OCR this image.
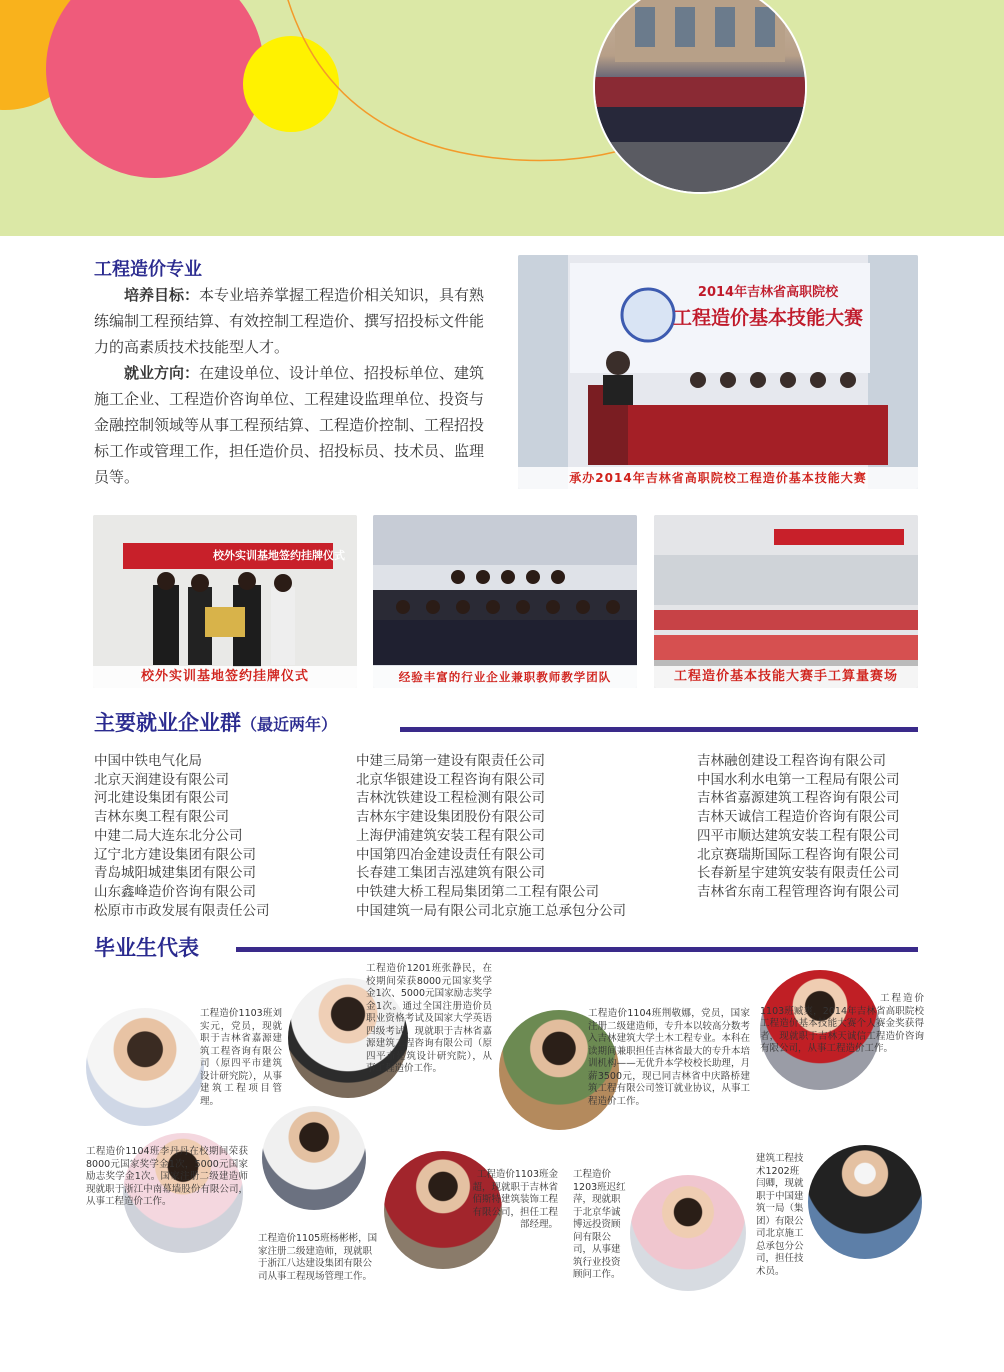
工程造价专业
培养目标：本专业培养掌握工程造价相关知识，具有熟练编制工程预结算、有效控制工程造价、撰写招投标文件能力的高素质技术技能型人才。
就业方向：在建设单位、设计单位、招投标单位、建筑施工企业、工程造价咨询单位、工程建设监理单位、投资与金融控制领域等从事工程预结算、工程造价控制、工程招投标工作或管理工作，担任造价员、招投标员、技术员、监理员等。
2014年吉林省高职院校
工程造价基本技能大赛
承办2014年吉林省高职院校工程造价基本技能大赛
校外实训基地签约挂牌仪式
校外实训基地签约挂牌仪式	经验丰富的行业企业兼职教师教学团队	工程造价基本技能大赛手工算量赛场
主要就业企业群（最近两年）
中国中铁电气化局
北京天润建设有限公司
河北建设集团有限公司
吉林东奥工程有限公司
中建二局大连东北分公司
辽宁北方建设集团有限公司
青岛城阳城建集团有限公司
山东鑫峰造价咨询有限公司
松原市市政发展有限责任公司
中建三局第一建设有限责任公司
北京华银建设工程咨询有限公司
吉林沈铁建设工程检测有限公司
吉林东宇建设集团股份有限公司
上海伊浦建筑安装工程有限公司
中国第四冶金建设责任有限公司
长春建工集团吉泓建筑有限公司
中铁建大桥工程局集团第二工程有限公司
中国建筑一局有限公司北京施工总承包分公司
吉林融创建设工程咨询有限公司
中国水利水电第一工程局有限公司
吉林省嘉源建筑工程咨询有限公司
吉林天诚信工程造价咨询有限公司
四平市顺达建筑安装工程有限公司
北京赛瑞斯国际工程咨询有限公司
长春新星宇建筑安装有限责任公司
吉林省东南工程管理咨询有限公司
毕业生代表
工程造价1103班刘实元，党员，现就职于吉林省嘉源建筑工程咨询有限公司（原四平市建筑设计研究院），从事建筑工程项目管理。
工程造价1201班张静民，在校期间荣获8000元国家奖学金1次、5000元国家励志奖学金1次。通过全国注册造价员职业资格考试及国家大学英语四级考试。现就职于吉林省嘉源建筑工程咨询有限公司（原四平市建筑设计研究院），从事工程造价工作。
工程造价1104班荆敬娜，党员，国家注册二级建造师，专升本以较高分数考入吉林建筑大学土木工程专业。本科在读期间兼职担任吉林省最大的专升本培训机构——无优升本学校校长助理，月薪3500元，现已同吉林省中庆路桥建筑工程有限公司签订就业协议，从事工程造价工作。
工程造价1103班臧爽，2014年吉林省高职院校工程造价基本技能大赛个人赛金奖获得者，现就职于吉林天诚信工程造价咨询有限公司，从事工程造价工作。
工程造价1104班李丹丹在校期间荣获8000元国家奖学金1次，5000元国家励志奖学金1次。国家注册二级建造师现就职于浙江中南幕墙股份有限公司，从事工程造价工作。
工程造价1105班杨彬彬，国家注册二级建造师，现就职于浙江八达建设集团有限公司从事工程现场管理工作。
工程造价1103班金超，现就职于吉林省佰斯特建筑装饰工程有限公司，担任工程部经理。
工程造价1203班迟红萍，现就职于北京华诚博远投资顾问有限公司，从事建筑行业投资顾问工作。
建筑工程技术1202班闫卿，现就职于中国建筑一局（集团）有限公司北京施工总承包分公司，担任技术员。
